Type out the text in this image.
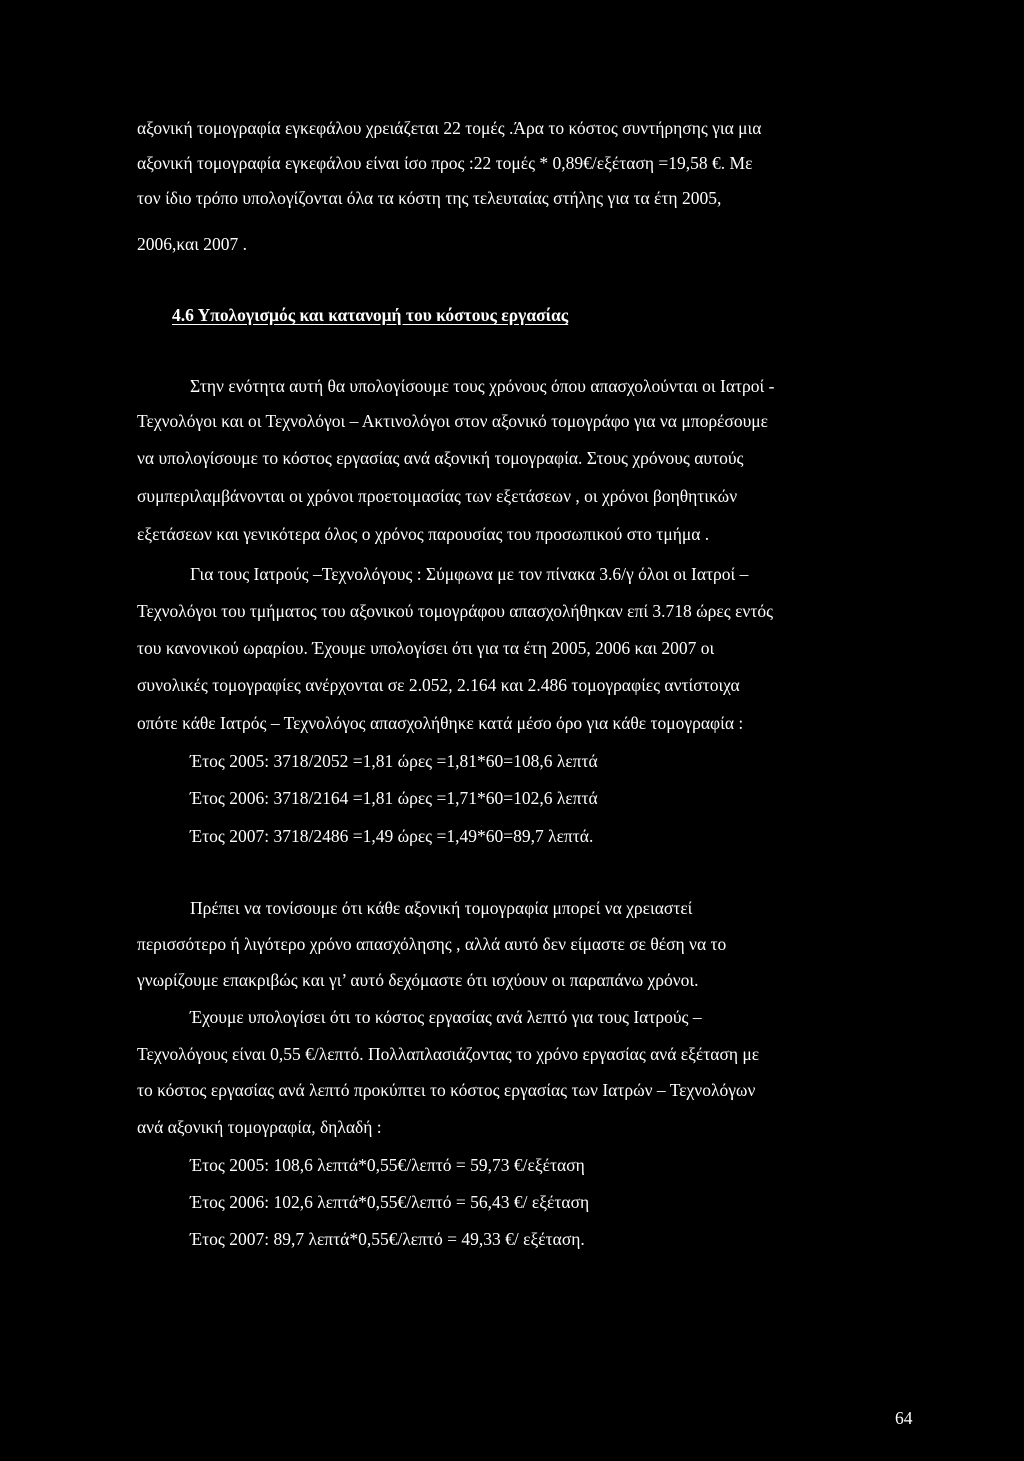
αξονική τομογραφία εγκεφάλου χρειάζεται 22 τομές .Άρα το κόστος συντήρησης για μια
αξονική τομογραφία εγκεφάλου είναι ίσο προς :22 τομές * 0,89€/εξέταση =19,58 €. Με
τον ίδιο τρόπο υπολογίζονται όλα τα κόστη της τελευταίας στήλης για τα έτη 2005,
2006,και 2007 .
4.6 Υπολογισμός και κατανομή του κόστους εργασίας
Στην ενότητα αυτή θα υπολογίσουμε τους χρόνους όπου απασχολούνται οι Ιατροί -
Τεχνολόγοι και οι Τεχνολόγοι – Ακτινολόγοι στον αξονικό τομογράφο για να μπορέσουμε
να υπολογίσουμε το κόστος εργασίας ανά αξονική τομογραφία. Στους χρόνους αυτούς
συμπεριλαμβάνονται οι χρόνοι προετοιμασίας των εξετάσεων , οι χρόνοι βοηθητικών
εξετάσεων και γενικότερα όλος ο χρόνος παρουσίας του προσωπικού στο τμήμα .
Για τους Ιατρούς –Τεχνολόγους : Σύμφωνα με τον πίνακα 3.6/γ όλοι οι Ιατροί –
Τεχνολόγοι του τμήματος του αξονικού τομογράφου απασχολήθηκαν επί 3.718 ώρες εντός
του κανονικού ωραρίου. Έχουμε υπολογίσει ότι για τα έτη 2005, 2006 και 2007 οι
συνολικές τομογραφίες ανέρχονται σε 2.052, 2.164 και 2.486 τομογραφίες αντίστοιχα
οπότε κάθε Ιατρός – Τεχνολόγος απασχολήθηκε κατά μέσο όρο για κάθε τομογραφία :
Έτος 2005: 3718/2052 =1,81 ώρες =1,81*60=108,6 λεπτά
Έτος 2006: 3718/2164 =1,81 ώρες =1,71*60=102,6 λεπτά
Έτος 2007: 3718/2486 =1,49 ώρες =1,49*60=89,7 λεπτά.
Πρέπει να τονίσουμε ότι κάθε αξονική τομογραφία μπορεί να χρειαστεί
περισσότερο ή λιγότερο χρόνο απασχόλησης , αλλά αυτό δεν είμαστε σε θέση να το
γνωρίζουμε επακριβώς και γι’ αυτό δεχόμαστε ότι ισχύουν οι παραπάνω χρόνοι.
Έχουμε υπολογίσει ότι το κόστος εργασίας ανά λεπτό για τους Ιατρούς –
Τεχνολόγους είναι 0,55 €/λεπτό. Πολλαπλασιάζοντας το χρόνο εργασίας ανά εξέταση με
το κόστος εργασίας ανά λεπτό προκύπτει το κόστος εργασίας των Ιατρών – Τεχνολόγων
ανά αξονική τομογραφία, δηλαδή :
Έτος 2005: 108,6 λεπτά*0,55€/λεπτό = 59,73 €/εξέταση
Έτος 2006: 102,6 λεπτά*0,55€/λεπτό = 56,43 €/ εξέταση
Έτος 2007: 89,7 λεπτά*0,55€/λεπτό = 49,33 €/ εξέταση.
64
